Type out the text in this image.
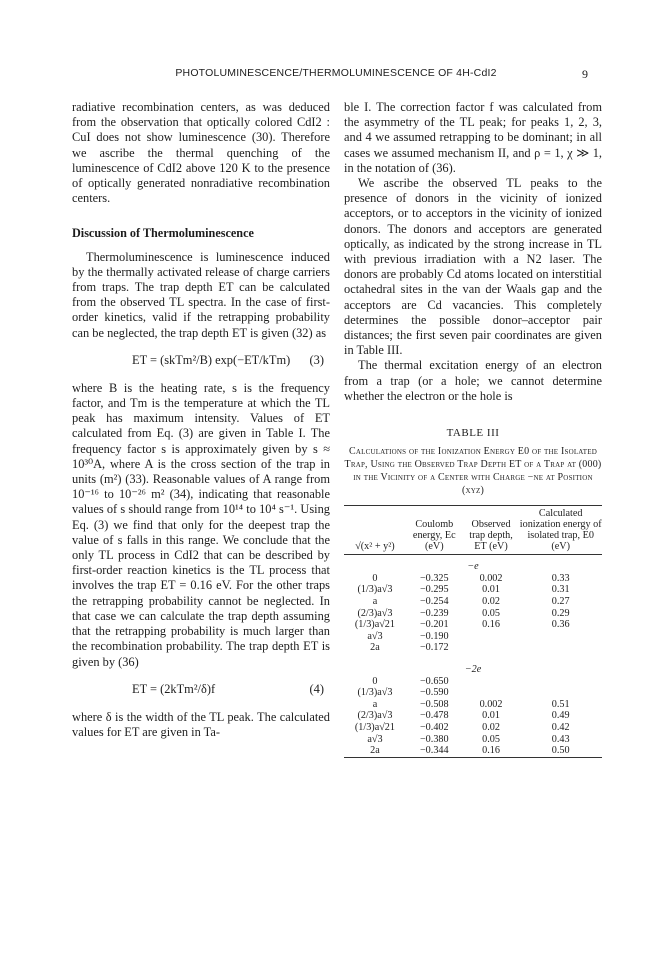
PHOTOLUMINESCENCE/THERMOLUMINESCENCE OF 4H-CdI2	9

radiative recombination centers, as was deduced from the observation that optically colored CdI2 : CuI does not show luminescence (30). Therefore we ascribe the thermal quenching of the luminescence of CdI2 above 120 K to the presence of optically generated nonradiative recombination centers.

Discussion of Thermoluminescence

Thermoluminescence is luminescence induced by the thermally activated release of charge carriers from traps. The trap depth ET can be calculated from the observed TL spectra. In the case of first-order kinetics, valid if the retrapping probability can be neglected, the trap depth ET is given (32) as

ET = (skTm²/B) exp(−ET/kTm) (3)

where B is the heating rate, s is the frequency factor, and Tm is the temperature at which the TL peak has maximum intensity. Values of ET calculated from Eq. (3) are given in Table I. The frequency factor s is approximately given by s ≈ 10³⁰A, where A is the cross section of the trap in units (m²) (33). Reasonable values of A range from 10⁻¹⁶ to 10⁻²⁶ m² (34), indicating that reasonable values of s should range from 10¹⁴ to 10⁴ s⁻¹. Using Eq. (3) we find that only for the deepest trap the value of s falls in this range. We conclude that the only TL process in CdI2 that can be described by first-order reaction kinetics is the TL process that involves the trap ET = 0.16 eV. For the other traps the retrapping probability cannot be neglected. In that case we can calculate the trap depth assuming that the retrapping probability is much larger than the recombination probability. The trap depth ET is given by (36)

ET = (2kTm²/δ)f	(4)

where δ is the width of the TL peak. The calculated values for ET are given in Ta-

ble I. The correction factor f was calculated from the asymmetry of the TL peak; for peaks 1, 2, 3, and 4 we assumed retrapping to be dominant; in all cases we assumed mechanism II, and ρ = 1, χ ≫ 1, in the notation of (36).

We ascribe the observed TL peaks to the presence of donors in the vicinity of ionized acceptors, or to acceptors in the vicinity of ionized donors. The donors and acceptors are generated optically, as indicated by the strong increase in TL with previous irradiation with a N2 laser. The donors are probably Cd atoms located on interstitial octahedral sites in the van der Waals gap and the acceptors are Cd vacancies. This completely determines the possible donor–acceptor pair distances; the first seven pair coordinates are given in Table III.

The thermal excitation energy of an electron from a trap (or a hole; we cannot determine whether the electron or the hole is

TABLE III
Calculations of the Ionization Energy E0 of the Isolated Trap, Using the Observed Trap Depth ET of a Trap at (000) in the Vicinity of a Center with Charge −ne at Position (xyz)
√(x² + y²)	Coulomb energy, Ec (eV)	Observed trap depth, ET (eV)	Calculated ionization energy of isolated trap, E0 (eV)

−e			
0	−0.325	0.002	0.33
(1/3)a√3	−0.295	0.01	0.31
a	−0.254	0.02	0.27
(2/3)a√3	−0.239	0.05	0.29
(1/3)a√21	−0.201	0.16	0.36
a√3	−0.190		
2a	−0.172		

−2e			
0	−0.650		
(1/3)a√3	−0.590		
a	−0.508	0.002	0.51
(2/3)a√3	−0.478	0.01	0.49
(1/3)a√21	−0.402	0.02	0.42
a√3	−0.380	0.05	0.43
2a	−0.344	0.16	0.50
